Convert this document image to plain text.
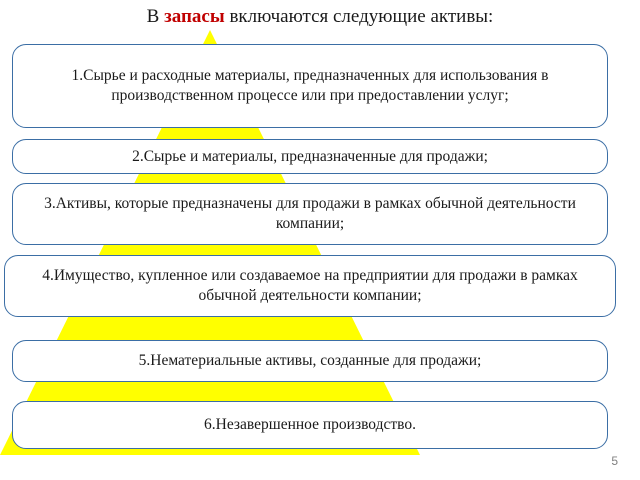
В запасы включаются следующие активы:
1.Сырье и расходные материалы, предназначенных для использования в производственном процессе или при предоставлении услуг;
2.Сырье и материалы, предназначенные для продажи;
3.Активы, которые предназначены для продажи в рамках обычной деятельности компании;
4.Имущество, купленное или создаваемое на предприятии для продажи в рамках обычной деятельности компании;
5.Нематериальные активы, созданные для продажи;
6.Незавершенное производство.
5
